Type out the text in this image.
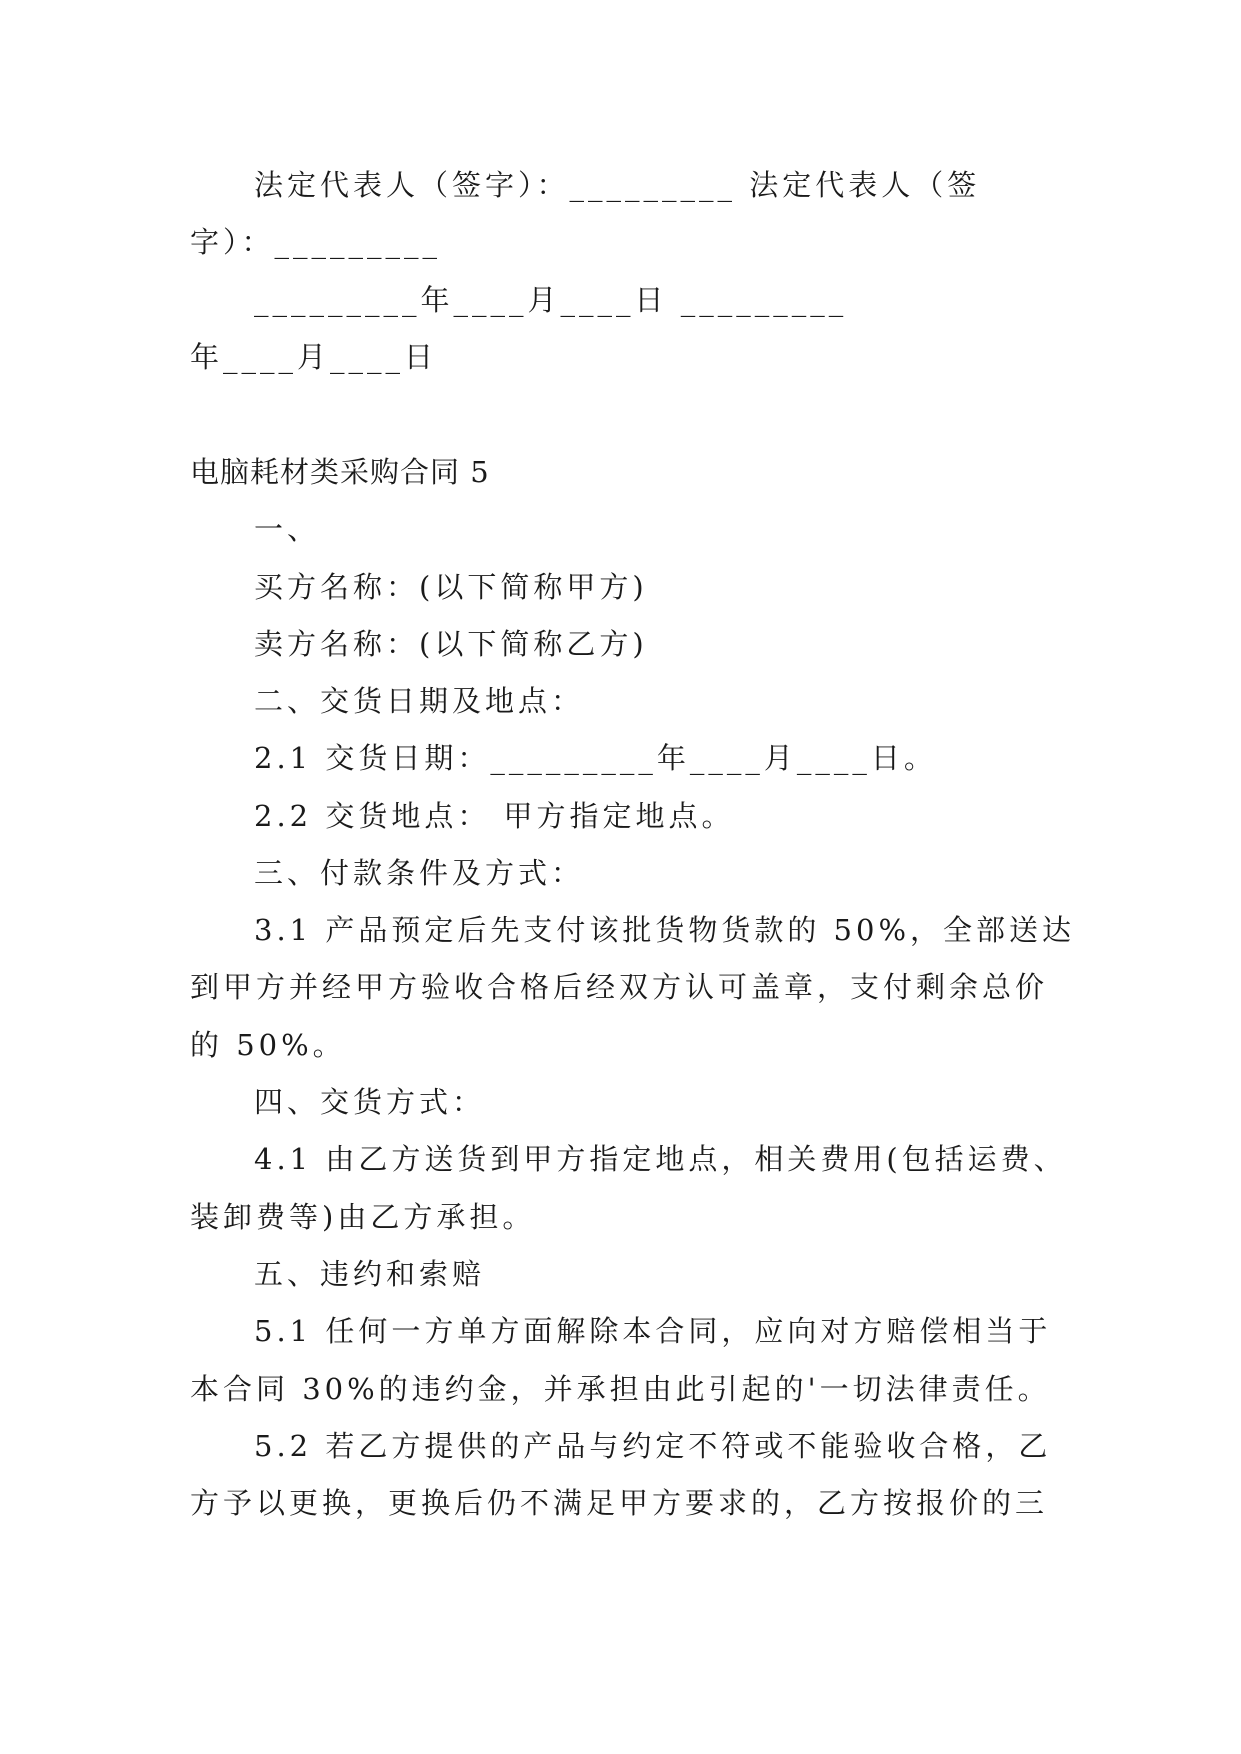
法定代表人（签字）：_________ 法定代表人（签
字）：_________
_________年____月____日 _________
年____月____日
电脑耗材类采购合同 5
一、
买方名称：(以下简称甲方)
卖方名称：(以下简称乙方)
二、交货日期及地点：
2.1 交货日期：_________年____月____日。
2.2 交货地点： 甲方指定地点。
三、付款条件及方式：
3.1 产品预定后先支付该批货物货款的 50%，全部送达
到甲方并经甲方验收合格后经双方认可盖章，支付剩余总价
的 50%。
四、交货方式：
4.1 由乙方送货到甲方指定地点，相关费用(包括运费、
装卸费等)由乙方承担。
五、违约和索赔
5.1 任何一方单方面解除本合同，应向对方赔偿相当于
本合同 30%的违约金，并承担由此引起的'一切法律责任。
5.2 若乙方提供的产品与约定不符或不能验收合格，乙
方予以更换，更换后仍不满足甲方要求的，乙方按报价的三
